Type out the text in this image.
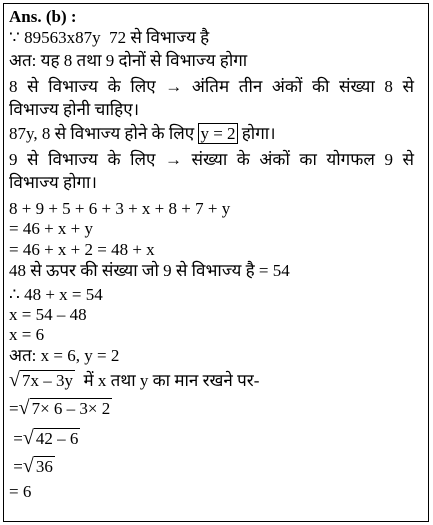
Ans. (b) :
∵ 89563x87y  72 से विभाज्य है
अत: यह 8 तथा 9 दोनों से विभाज्य होगा
8 से विभाज्य के लिए → अंतिम तीन अंकों की संख्या 8 से
विभाज्य होनी चाहिए।
87y, 8 से विभाज्य होने के लिए y = 2 होगा।
9 से विभाज्य के लिए → संख्या के अंकों का योगफल 9 से
विभाज्य होगा।
8 + 9 + 5 + 6 + 3 + x + 8 + 7 + y
= 46 + x + y
= 46 + x + 2 = 48 + x
48 से ऊपर की संख्या जो 9 से विभाज्य है = 54
∴ 48 + x = 54
x = 54 – 48
x = 6
अत: x = 6, y = 2
√ 7x – 3y  में x तथा y का मान रखने पर-
=√ 7× 6 – 3× 2
=√ 42 – 6
=√ 36
= 6
